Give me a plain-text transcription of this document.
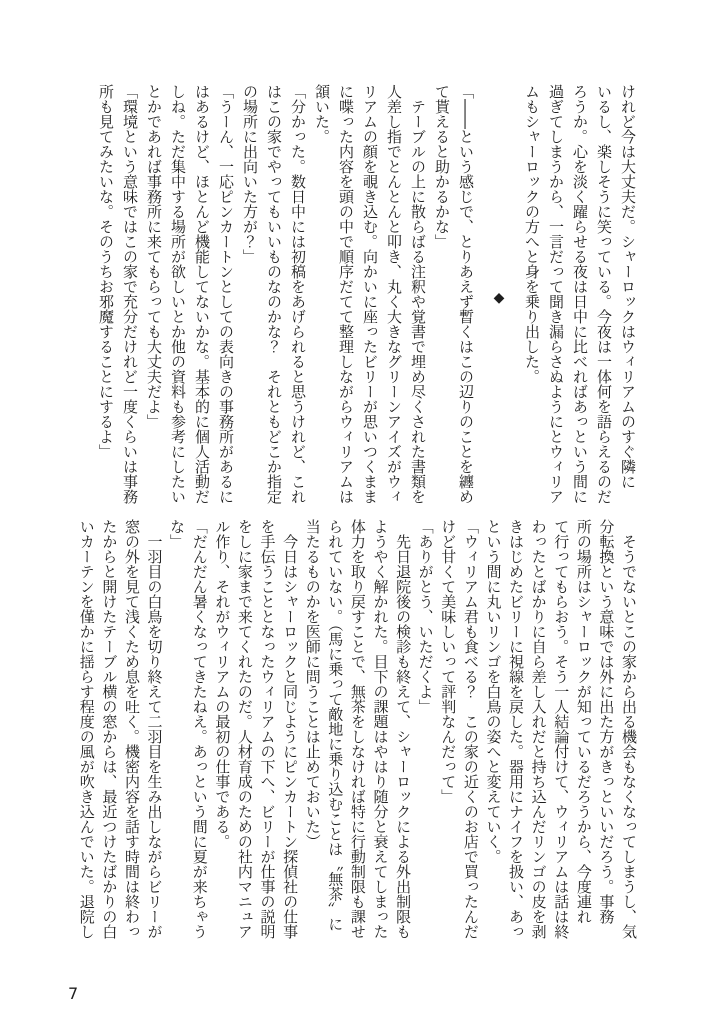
けれど今は大丈夫だ。シャーロックはウィリアムのすぐ隣に

いるし、楽しそうに笑っている。今夜は一体何を語らえるのだ

ろうか。心を淡く躍らせる夜は日中に比べればあっという間に

過ぎてしまうから、一言だって聞き漏らさぬようにとウィリア

ムもシャーロックの方へと身を乗り出した。

◆

「――という感じで、とりあえず暫くはこの辺りのことを纏め

て貰えると助かるかな」

　テーブルの上に散らばる注釈や覚書で埋め尽くされた書類を

人差し指でとんとんと叩き、丸く大きなグリーンアイズがウィ

リアムの顔を覗き込む。向かいに座ったビリーが思いつくまま

に喋った内容を頭の中で順序だてて整理しながらウィリアムは

頷いた。

「分かった。数日中には初稿をあげられると思うけれど、これ

はこの家でやってもいいものなのかな？　それともどこか指定

の場所に出向いた方が？」

「うーん、一応ピンカートンとしての表向きの事務所があるに

はあるけど、ほとんど機能してないかな。基本的に個人活動だ

しね。ただ集中する場所が欲しいとか他の資料も参考にしたい

とかであれば事務所に来てもらっても大丈夫だよ」

「環境という意味ではこの家で充分だけれど一度くらいは事務

所も見てみたいな。そのうちお邪魔することにするよ」

　そうでないとこの家から出る機会もなくなってしまうし、気

分転換という意味では外に出た方がきっといいだろう。事務

所の場所はシャーロックが知っているだろうから、今度連れ

て行ってもらおう。そう一人結論付けて、ウィリアムは話は終

わったとばかりに自ら差し入れだと持ち込んだリンゴの皮を剥

きはじめたビリーに視線を戻した。器用にナイフを扱い、あっ

という間に丸いリンゴを白鳥の姿へと変えていく。

「ウィリアム君も食べる？　この家の近くのお店で買ったんだ

けど甘くて美味しいって評判なんだって」

「ありがとう、いただくよ」

　先日退院後の検診も終えて、シャーロックによる外出制限も

ようやく解かれた。目下の課題はやはり随分と衰えてしまった

体力を取り戻すことで、無茶をしなければ特に行動制限も課せ

られていない。（馬に乗って敵地に乗り込むことは〝無茶〟に

当たるものかを医師に問うことは止めておいた）

　今日はシャーロックと同じようにピンカートン探偵社の仕事

を手伝うこととなったウィリアムの下へ、ビリーが仕事の説明

をしに家まで来てくれたのだ。人材育成のための社内マニュア

ル作り、それがウィリアムの最初の仕事である。

「だんだん暑くなってきたねえ。あっという間に夏が来ちゃう

な」

　一羽目の白鳥を切り終えて二羽目を生み出しながらビリーが

窓の外を見て浅くため息を吐く。機密内容を話す時間は終わっ

たからと開けたテーブル横の窓からは、最近つけたばかりの白

いカーテンを僅かに揺らす程度の風が吹き込んでいた。退院し

7
